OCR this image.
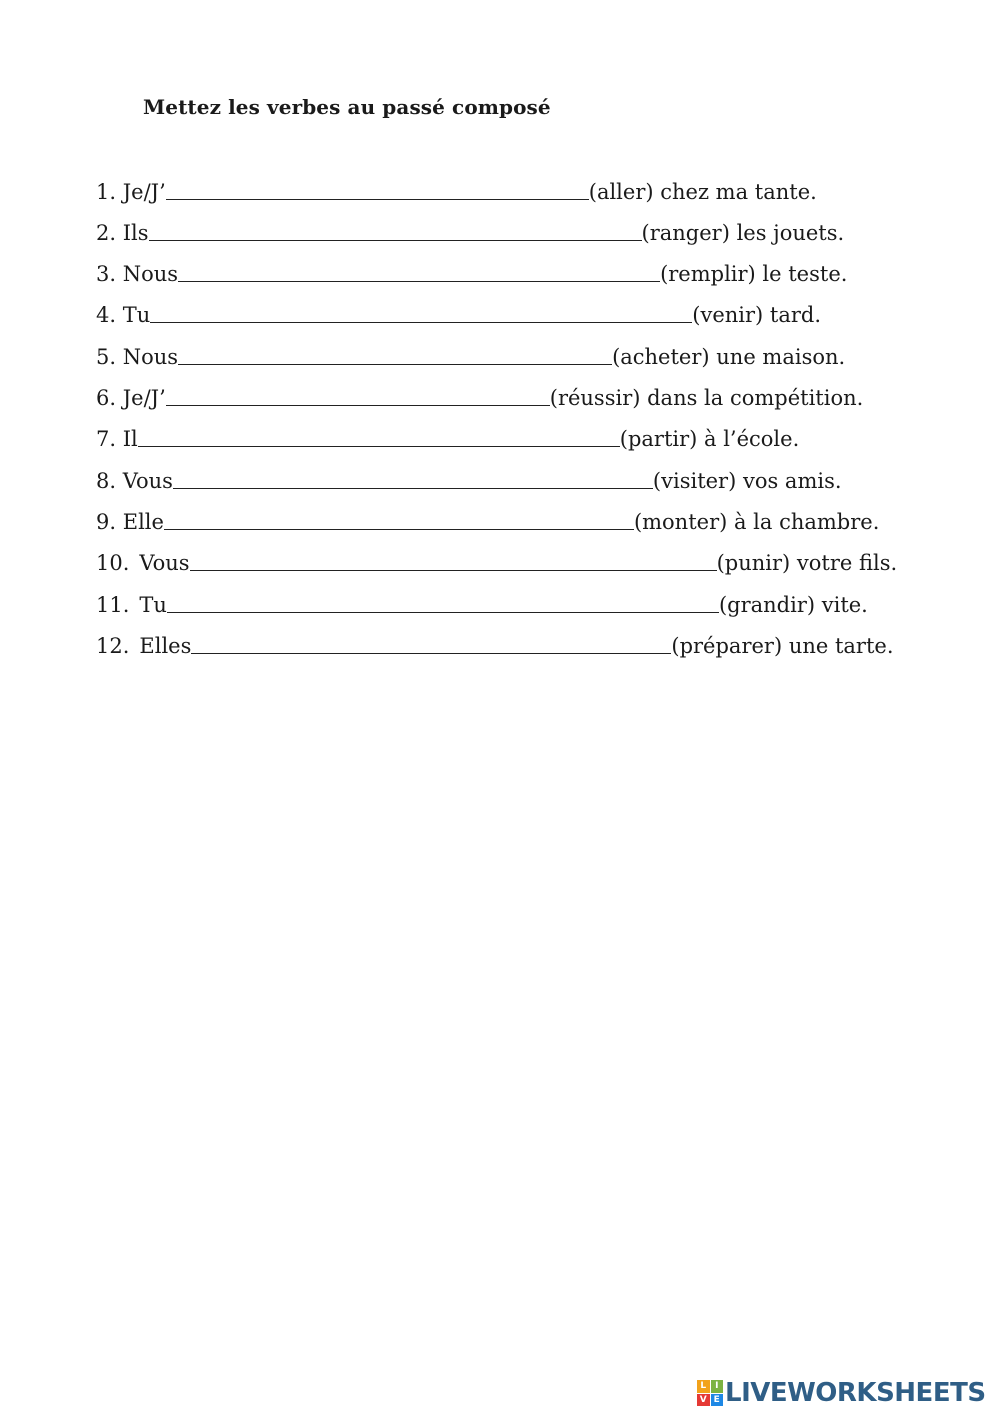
Mettez les verbes au passé composé
1.
Je/J’	(aller) chez ma tante.
2.
Ils	(ranger) les jouets.
3.
Nous	(remplir) le teste.
4.
Tu	(venir) tard.
5.
Nous	(acheter) une maison.
6.
Je/J’	(réussir) dans la compétition.
7.
Il	(partir) à l’école.
8.
Vous	(visiter) vos amis.
9.
Elle	(monter) à la chambre.
10. Vous	(punir) votre fils.
11. Tu	(grandir) vite.
12. Elles	(préparer) une tarte.
L I
V E LIVEWORKSHEETS
